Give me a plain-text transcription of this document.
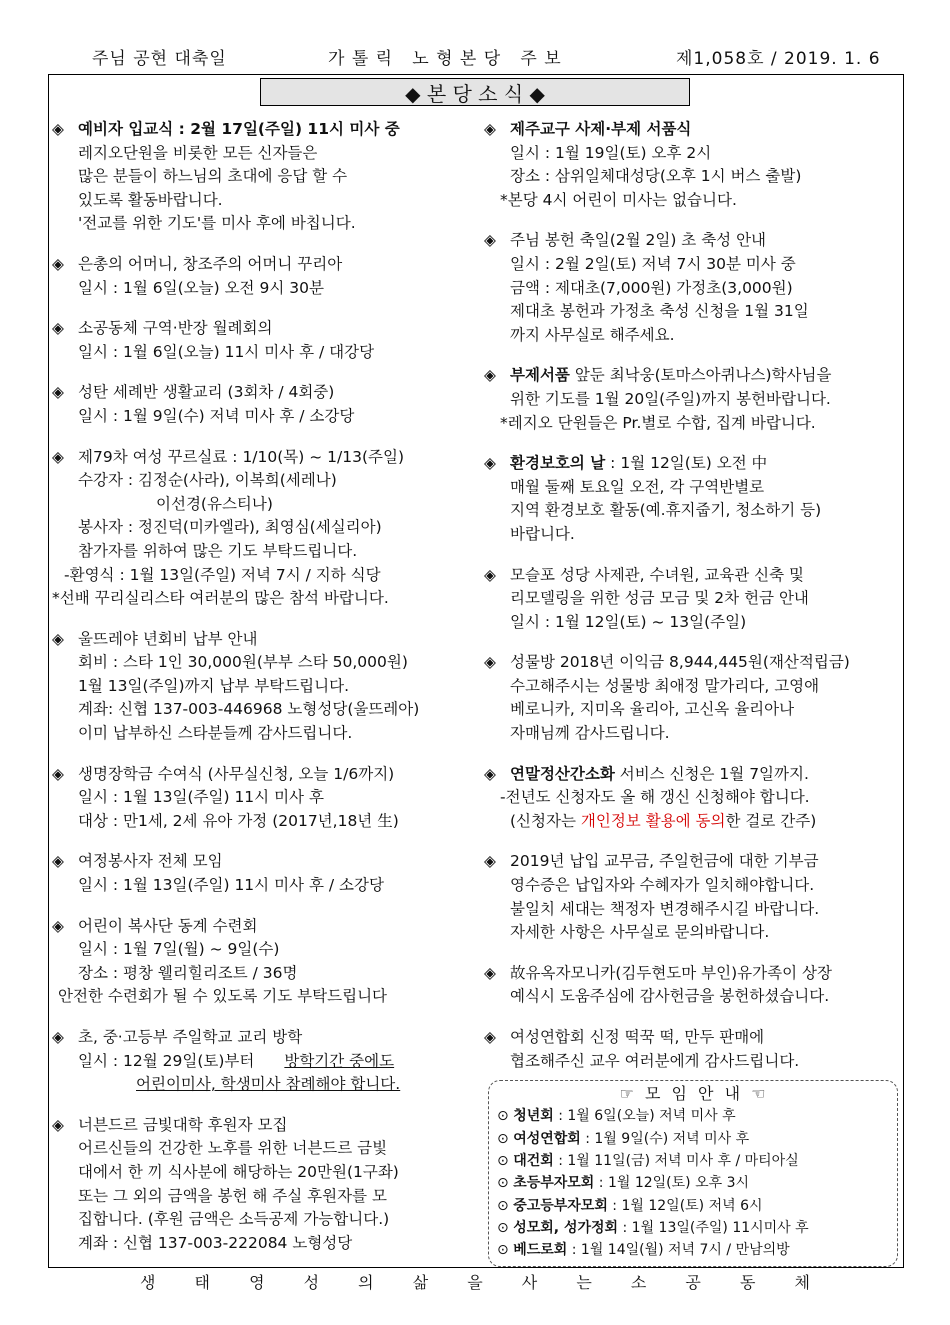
주님 공현 대축일	가 톨 릭   노 형 본 당   주 보	제1,058호 / 2019. 1. 6
◆ 본 당 소 식 ◆
◈ 예비자 입교식 : 2월 17일(주일) 11시 미사 중
레지오단원을 비롯한 모든 신자들은
많은 분들이 하느님의 초대에 응답 할 수
있도록 활동바랍니다.
'전교를 위한 기도'를 미사 후에 바칩니다.
◈ 은총의 어머니, 창조주의 어머니 꾸리아
일시 : 1월 6일(오늘) 오전 9시 30분
◈ 소공동체 구역·반장 월례회의
일시 : 1월 6일(오늘) 11시 미사 후 / 대강당
◈ 성탄 세례반 생활교리 (3회차 / 4회중)
일시 : 1월 9일(수) 저녁 미사 후 / 소강당
◈ 제79차 여성 꾸르실료 : 1/10(목) ~ 1/13(주일)
수강자 : 김정순(사라), 이복희(세레나)
이선경(유스티나)
봉사자 : 정진덕(미카엘라), 최영심(세실리아)
참가자를 위하여 많은 기도 부탁드립니다.
-환영식 : 1월 13일(주일) 저녁 7시 / 지하 식당
*선배 꾸리실리스타 여러분의 많은 참석 바랍니다.
◈ 울뜨레야 년회비 납부 안내
회비 : 스타 1인 30,000원(부부 스타 50,000원)
1월 13일(주일)까지 납부 부탁드립니다.
계좌: 신협 137-003-446968 노형성당(울뜨레아)
이미 납부하신 스타분들께 감사드립니다.
◈ 생명장학금 수여식 (사무실신청, 오늘 1/6까지)
일시 : 1월 13일(주일) 11시 미사 후
대상 : 만1세, 2세 유아 가정 (2017년,18년 生)
◈ 여정봉사자 전체 모임
일시 : 1월 13일(주일) 11시 미사 후 / 소강당
◈ 어린이 복사단 동계 수련회
일시 : 1월 7일(월) ~ 9일(수)
장소 : 평창 웰리힐리조트 / 36명
안전한 수련회가 될 수 있도록 기도 부탁드립니다
◈ 초, 중·고등부 주일학교 교리 방학
일시 : 12월 29일(토)부터 방학기간 중에도
어린이미사, 학생미사 참례해야 합니다.
◈ 너븐드르 금빛대학 후원자 모집
어르신들의 건강한 노후를 위한 너븐드르 금빛
대에서 한 끼 식사분에 해당하는 20만원(1구좌)
또는 그 외의 금액을 봉헌 해 주실 후원자를 모
집합니다. (후원 금액은 소득공제 가능합니다.)
계좌 : 신협 137-003-222084 노형성당
◈ 제주교구 사제·부제 서품식
일시 : 1월 19일(토) 오후 2시
장소 : 삼위일체대성당(오후 1시 버스 출발)
*본당 4시 어린이 미사는 없습니다.
◈ 주님 봉헌 축일(2월 2일) 초 축성 안내
일시 : 2월 2일(토) 저녁 7시 30분 미사 중
금액 : 제대초(7,000원) 가정초(3,000원)
제대초 봉헌과 가정초 축성 신청을 1월 31일
까지 사무실로 해주세요.
◈ 부제서품 앞둔 최낙웅(토마스아퀴나스)학사님을
위한 기도를 1월 20일(주일)까지 봉헌바랍니다.
*레지오 단원들은 Pr.별로 수합, 집계 바랍니다.
◈ 환경보호의 날 : 1월 12일(토) 오전 中
매월 둘째 토요일 오전, 각 구역반별로
지역 환경보호 활동(예.휴지줍기, 청소하기 등)
바랍니다.
◈ 모슬포 성당 사제관, 수녀원, 교육관 신축 및
리모델링을 위한 성금 모금 및 2차 헌금 안내
일시 : 1월 12일(토) ~ 13일(주일)
◈ 성물방 2018년 이익금 8,944,445원(재산적립금)
수고해주시는 성물방 최애정 말가리다, 고영애
베로니카, 지미옥 율리아, 고신옥 율리아나
자매님께 감사드립니다.
◈ 연말정산간소화 서비스 신청은 1월 7일까지.
-전년도 신청자도 올 해 갱신 신청해야 합니다.
(신청자는 개인정보 활용에 동의한 걸로 간주)
◈ 2019년 납입 교무금, 주일헌금에 대한 기부금
영수증은 납입자와 수혜자가 일치해야합니다.
불일치 세대는 책정자 변경해주시길 바랍니다.
자세한 사항은 사무실로 문의바랍니다.
◈ 故유옥자모니카(김두현도마 부인)유가족이 상장
예식시 도움주심에 감사헌금을 봉헌하셨습니다.
◈ 여성연합회 신정 떡꾹 떡, 만두 판매에
협조해주신 교우 여러분에게 감사드립니다.
☞ 모 임 안 내 ☜
⊙ 청년회 : 1월 6일(오늘) 저녁 미사 후
⊙ 여성연합회 : 1월 9일(수) 저녁 미사 후
⊙ 대건회 : 1월 11일(금) 저녁 미사 후 / 마티아실
⊙ 초등부자모회 : 1월 12일(토) 오후 3시
⊙ 중고등부자모회 : 1월 12일(토) 저녁 6시
⊙ 성모회, 성가정회 : 1월 13일(주일) 11시미사 후
⊙ 베드로회 : 1월 14일(월) 저녁 7시 / 만남의방
생 태 영 성 의 삶 을 사 는 소 공 동 체
